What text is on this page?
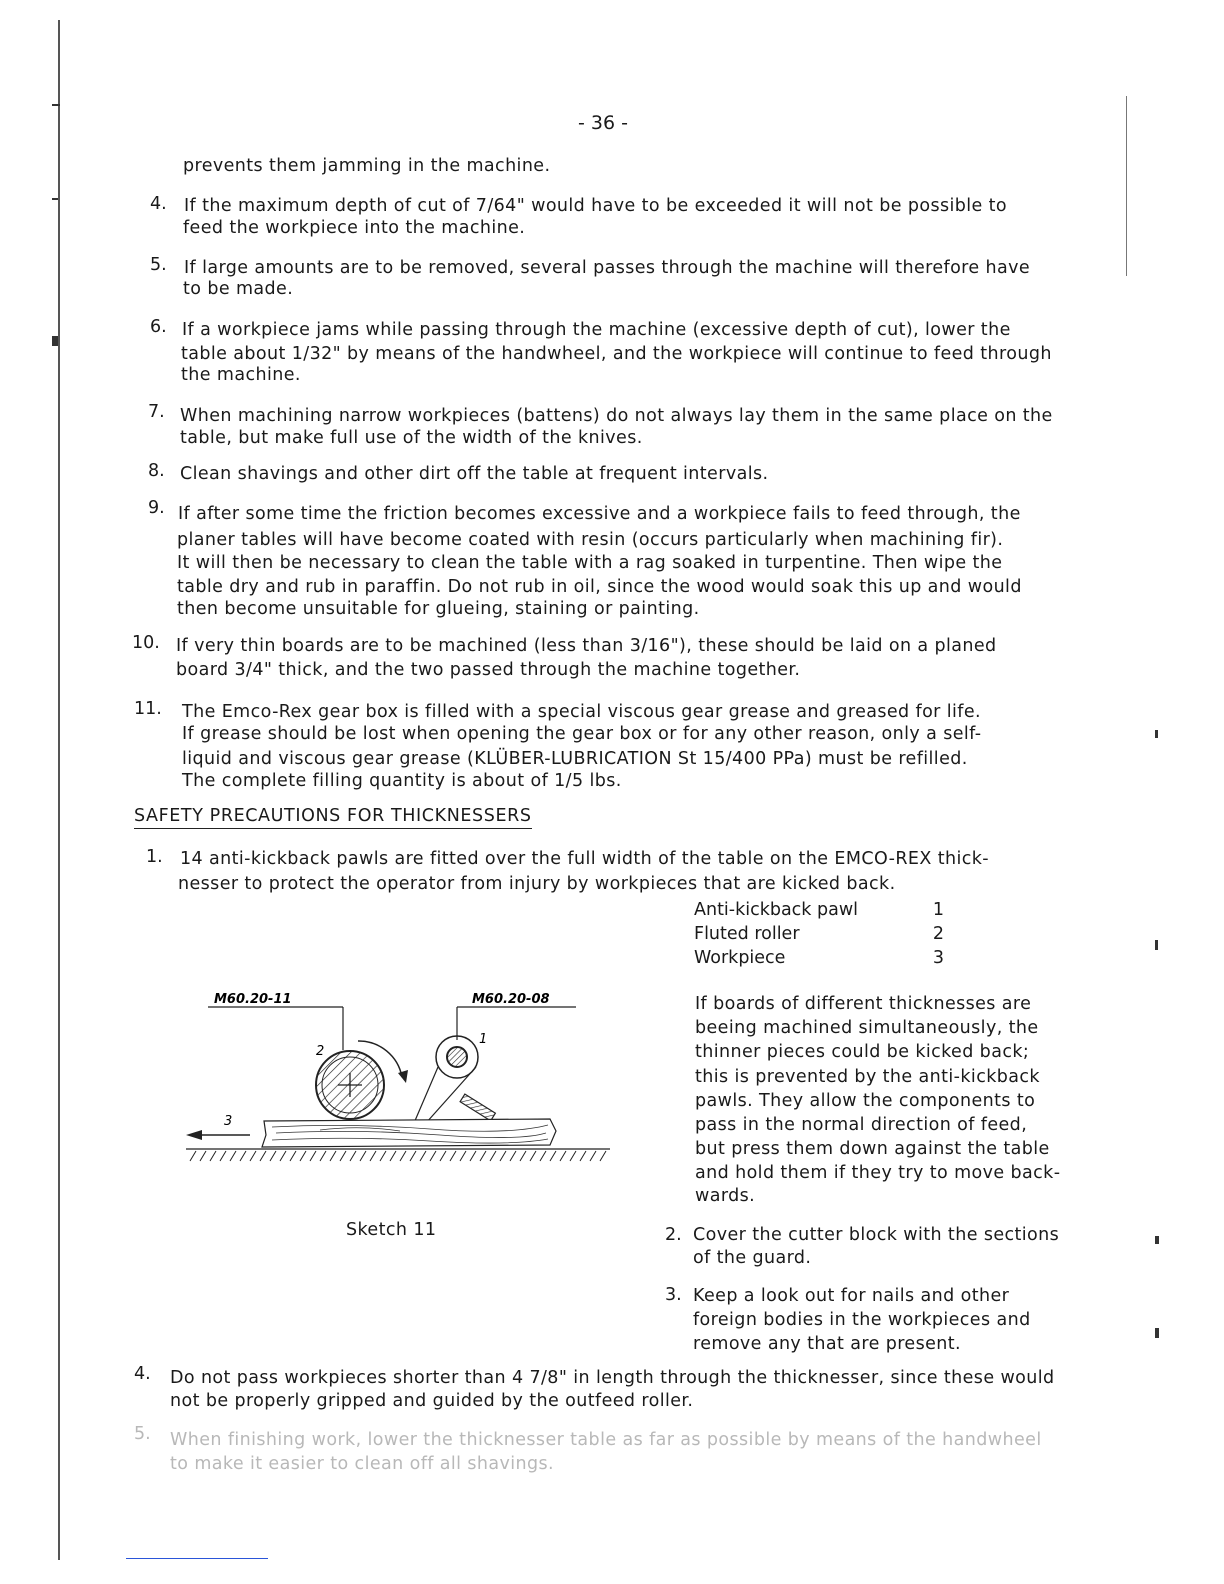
- 36 -
prevents them jamming in the machine.
4. If the maximum depth of cut of 7/64" would have to be exceeded it will not be possible to
feed the workpiece into the machine.
5. If large amounts are to be removed, several passes through the machine will therefore have
to be made.
6. If a workpiece jams while passing through the machine (excessive depth of cut), lower the
table about 1/32" by means of the handwheel, and the workpiece will continue to feed through
the machine.
7. When machining narrow workpieces (battens) do not always lay them in the same place on the
table, but make full use of the width of the knives.
8. Clean shavings and other dirt off the table at frequent intervals.
9. If after some time the friction becomes excessive and a workpiece fails to feed through, the
planer tables will have become coated with resin (occurs particularly when machining fir).
It will then be necessary to clean the table with a rag soaked in turpentine. Then wipe the
table dry and rub in paraffin. Do not rub in oil, since the wood would soak this up and would
then become unsuitable for glueing, staining or painting.
10. If very thin boards are to be machined (less than 3/16"), these should be laid on a planed
board 3/4" thick, and the two passed through the machine together.
11. The Emco-Rex gear box is filled with a special viscous gear grease and greased for life.
If grease should be lost when opening the gear box or for any other reason, only a self-
liquid and viscous gear grease (KLÜBER-LUBRICATION St 15/400 PPa) must be refilled.
The complete filling quantity is about of 1/5 lbs.
SAFETY PRECAUTIONS FOR THICKNESSERS
1. 14 anti-kickback pawls are fitted over the full width of the table on the EMCO-REX thick-
nesser to protect the operator from injury by workpieces that are kicked back.
Anti-kickback pawl	1
Fluted roller	2
Workpiece	3
M60.20-11	M60.20-08
2
1
3
Sketch 11
If boards of different thicknesses are
beeing machined simultaneously, the
thinner pieces could be kicked back;
this is prevented by the anti-kickback
pawls. They allow the components to
pass in the normal direction of feed,
but press them down against the table
and hold them if they try to move back-
wards.
2. Cover the cutter block with the sections
of the guard.
3. Keep a look out for nails and other
foreign bodies in the workpieces and
remove any that are present.
4. Do not pass workpieces shorter than 4 7/8" in length through the thicknesser, since these would
not be properly gripped and guided by the outfeed roller.
5. When finishing work, lower the thicknesser table as far as possible by means of the handwheel
to make it easier to clean off all shavings.
